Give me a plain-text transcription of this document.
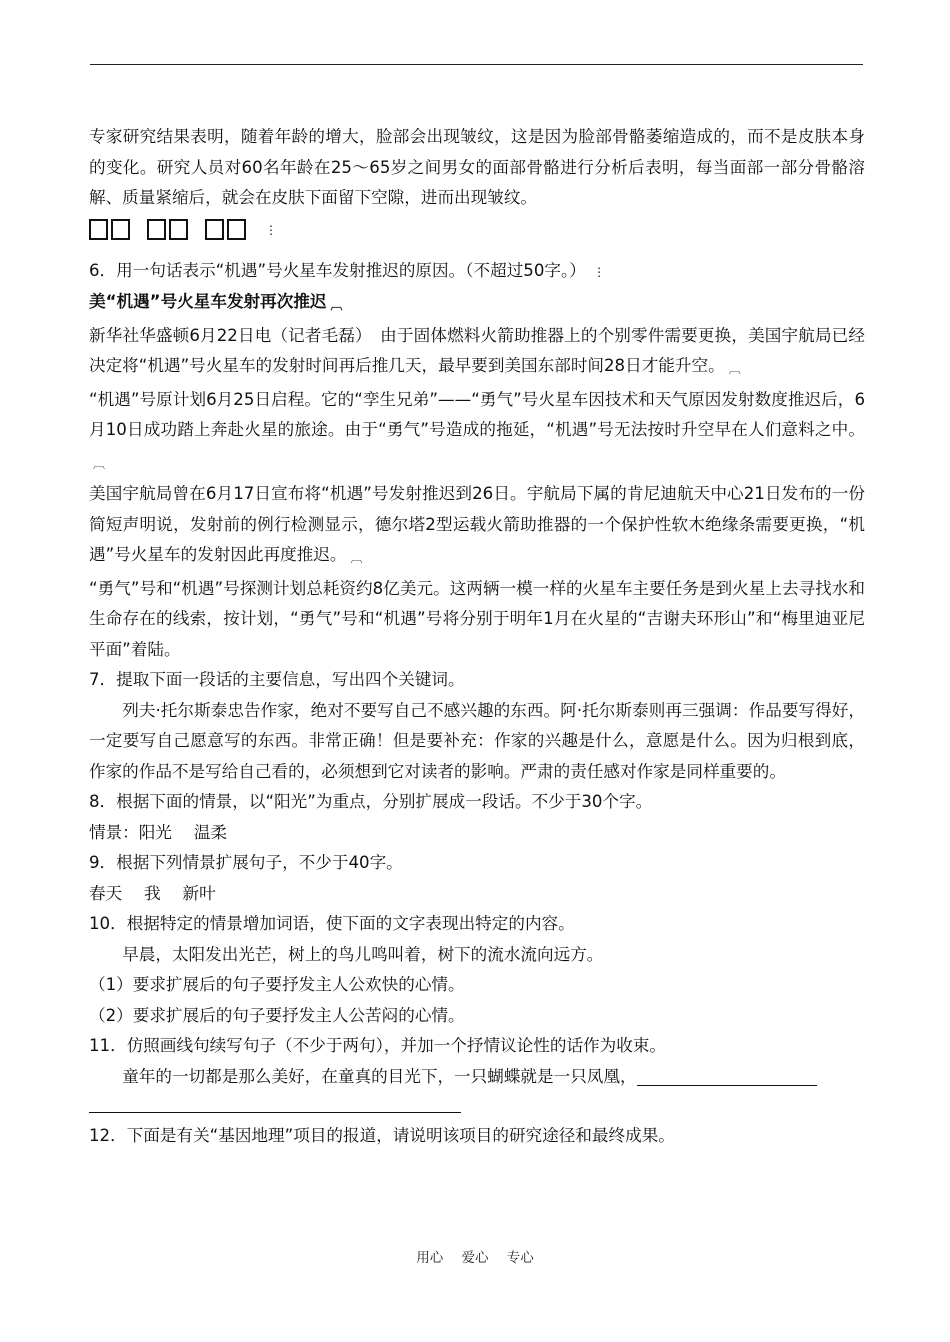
专家研究结果表明，随着年龄的增大，脸部会出现皱纹，这是因为脸部骨骼萎缩造成的，而不是皮肤本身的变化。研究人员对60名年龄在25～65岁之间男女的面部骨骼进行分析后表明，每当面部一部分骨骼溶解、质量紧缩后，就会在皮肤下面留下空隙，进而出现皱纹。

⋮

6．用一句话表示“机遇”号火星车发射推迟的原因。（不超过50字。） ⋮

美“机遇”号火星车发射再次推迟 ︹

新华社华盛顿6月22日电（记者毛磊）　由于固体燃料火箭助推器上的个别零件需要更换，美国宇航局已经决定将“机遇”号火星车的发射时间再后推几天，最早要到美国东部时间28日才能升空。 ︹

“机遇”号原计划6月25日启程。它的“孪生兄弟”——“勇气”号火星车因技术和天气原因发射数度推迟后，6月10日成功踏上奔赴火星的旅途。由于“勇气”号造成的拖延，“机遇”号无法按时升空早在人们意料之中。︹

美国宇航局曾在6月17日宣布将“机遇”号发射推迟到26日。宇航局下属的肯尼迪航天中心21日发布的一份简短声明说，发射前的例行检测显示，德尔塔2型运载火箭助推器的一个保护性软木绝缘条需要更换，“机遇”号火星车的发射因此再度推迟。 ︹

“勇气”号和“机遇”号探测计划总耗资约8亿美元。这两辆一模一样的火星车主要任务是到火星上去寻找水和生命存在的线索，按计划，“勇气”号和“机遇”号将分别于明年1月在火星的“吉谢夫环形山”和“梅里迪亚尼平面”着陆。

7．提取下面一段话的主要信息，写出四个关键词。

列夫·托尔斯泰忠告作家，绝对不要写自己不感兴趣的东西。阿·托尔斯泰则再三强调：作品要写得好，一定要写自己愿意写的东西。非常正确！但是要补充：作家的兴趣是什么，意愿是什么。因为归根到底，作家的作品不是写给自己看的，必须想到它对读者的影响。严肃的责任感对作家是同样重要的。

8．根据下面的情景，以“阳光”为重点，分别扩展成一段话。不少于30个字。

情景：阳光　 温柔

9．根据下列情景扩展句子，不少于40字。

春天　 我　 新叶

10．根据特定的情景增加词语，使下面的文字表现出特定的内容。

早晨，太阳发出光芒，树上的鸟儿鸣叫着，树下的流水流向远方。

（1）要求扩展后的句子要抒发主人公欢快的心情。

（2）要求扩展后的句子要抒发主人公苦闷的心情。

11．仿照画线句续写句子（不少于两句），并加一个抒情议论性的话作为收束。

童年的一切都是那么美好，在童真的目光下，一只蝴蝶就是一只凤凰，

12．下面是有关“基因地理”项目的报道，请说明该项目的研究途径和最终成果。

用心 爱心 专心
